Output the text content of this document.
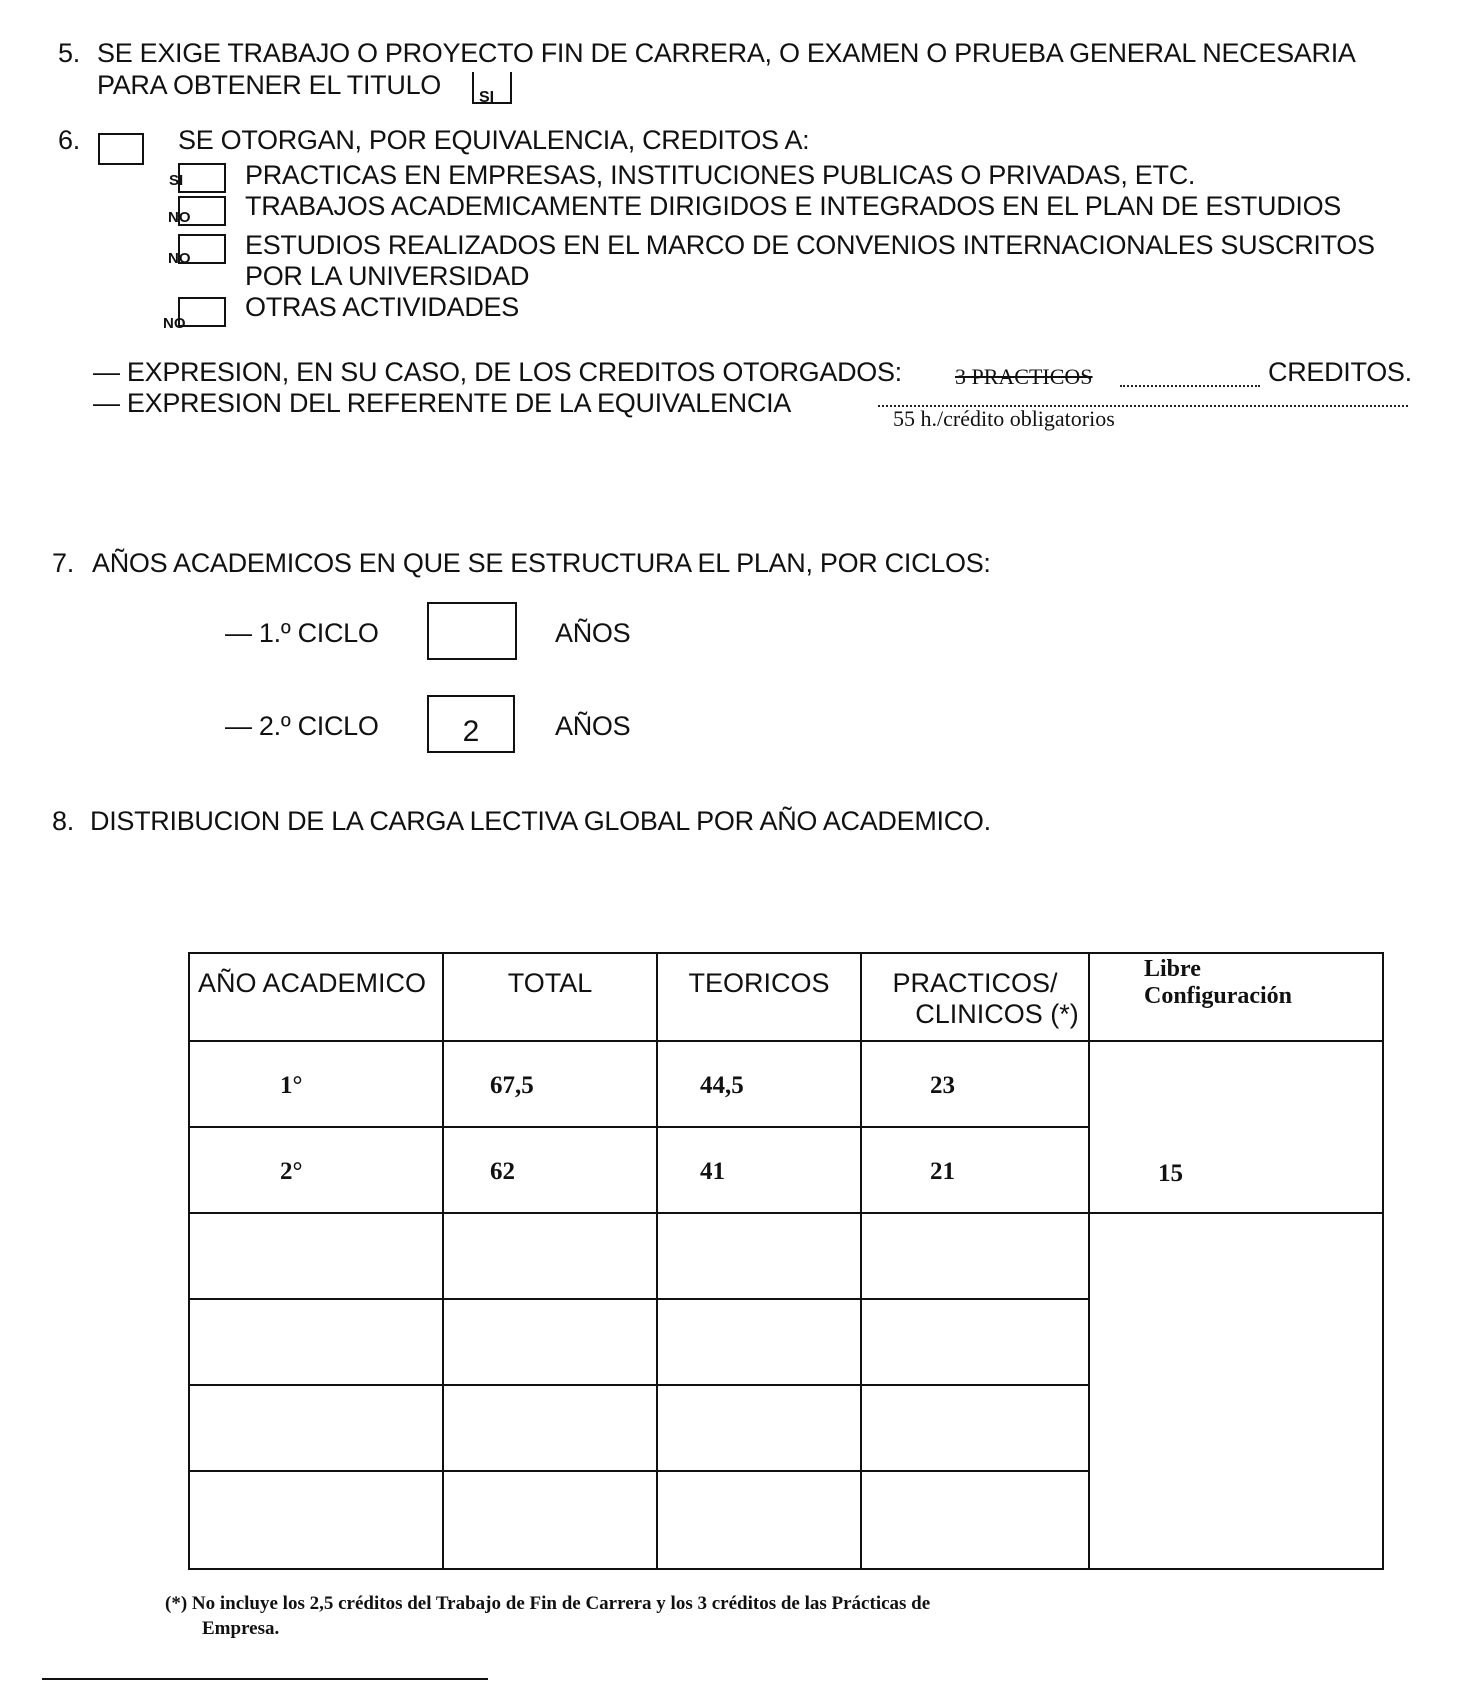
5. SE EXIGE TRABAJO O PROYECTO FIN DE CARRERA, O EXAMEN O PRUEBA GENERAL NECESARIA
PARA OBTENER EL TITULO SI
6.	SE OTORGAN, POR EQUIVALENCIA, CREDITOS A:
SI PRACTICAS EN EMPRESAS, INSTITUCIONES PUBLICAS O PRIVADAS, ETC.
NO TRABAJOS ACADEMICAMENTE DIRIGIDOS E INTEGRADOS EN EL PLAN DE ESTUDIOS
NO ESTUDIOS REALIZADOS EN EL MARCO DE CONVENIOS INTERNACIONALES SUSCRITOS
POR LA UNIVERSIDAD
NO
OTRAS ACTIVIDADES
— EXPRESION, EN SU CASO, DE LOS CREDITOS OTORGADOS: 3 PRACTICOS	CREDITOS.
— EXPRESION DEL REFERENTE DE LA EQUIVALENCIA
55 h./crédito obligatorios
7. AÑOS ACADEMICOS EN QUE SE ESTRUCTURA EL PLAN, POR CICLOS:
— 1.º CICLO	AÑOS
— 2.º CICLO	2	AÑOS
8. DISTRIBUCION DE LA CARGA LECTIVA GLOBAL POR AÑO ACADEMICO.
AÑO ACADEMICO	TOTAL	TEORICOS	PRACTICOS/
CLINICOS (*)	Libre
Configuración

1°	67,5	44,5	23	15

2°	62	41	21	

(*) No incluye los 2,5 créditos del Trabajo de Fin de Carrera y los 3 créditos de las Prácticas de
Empresa.
